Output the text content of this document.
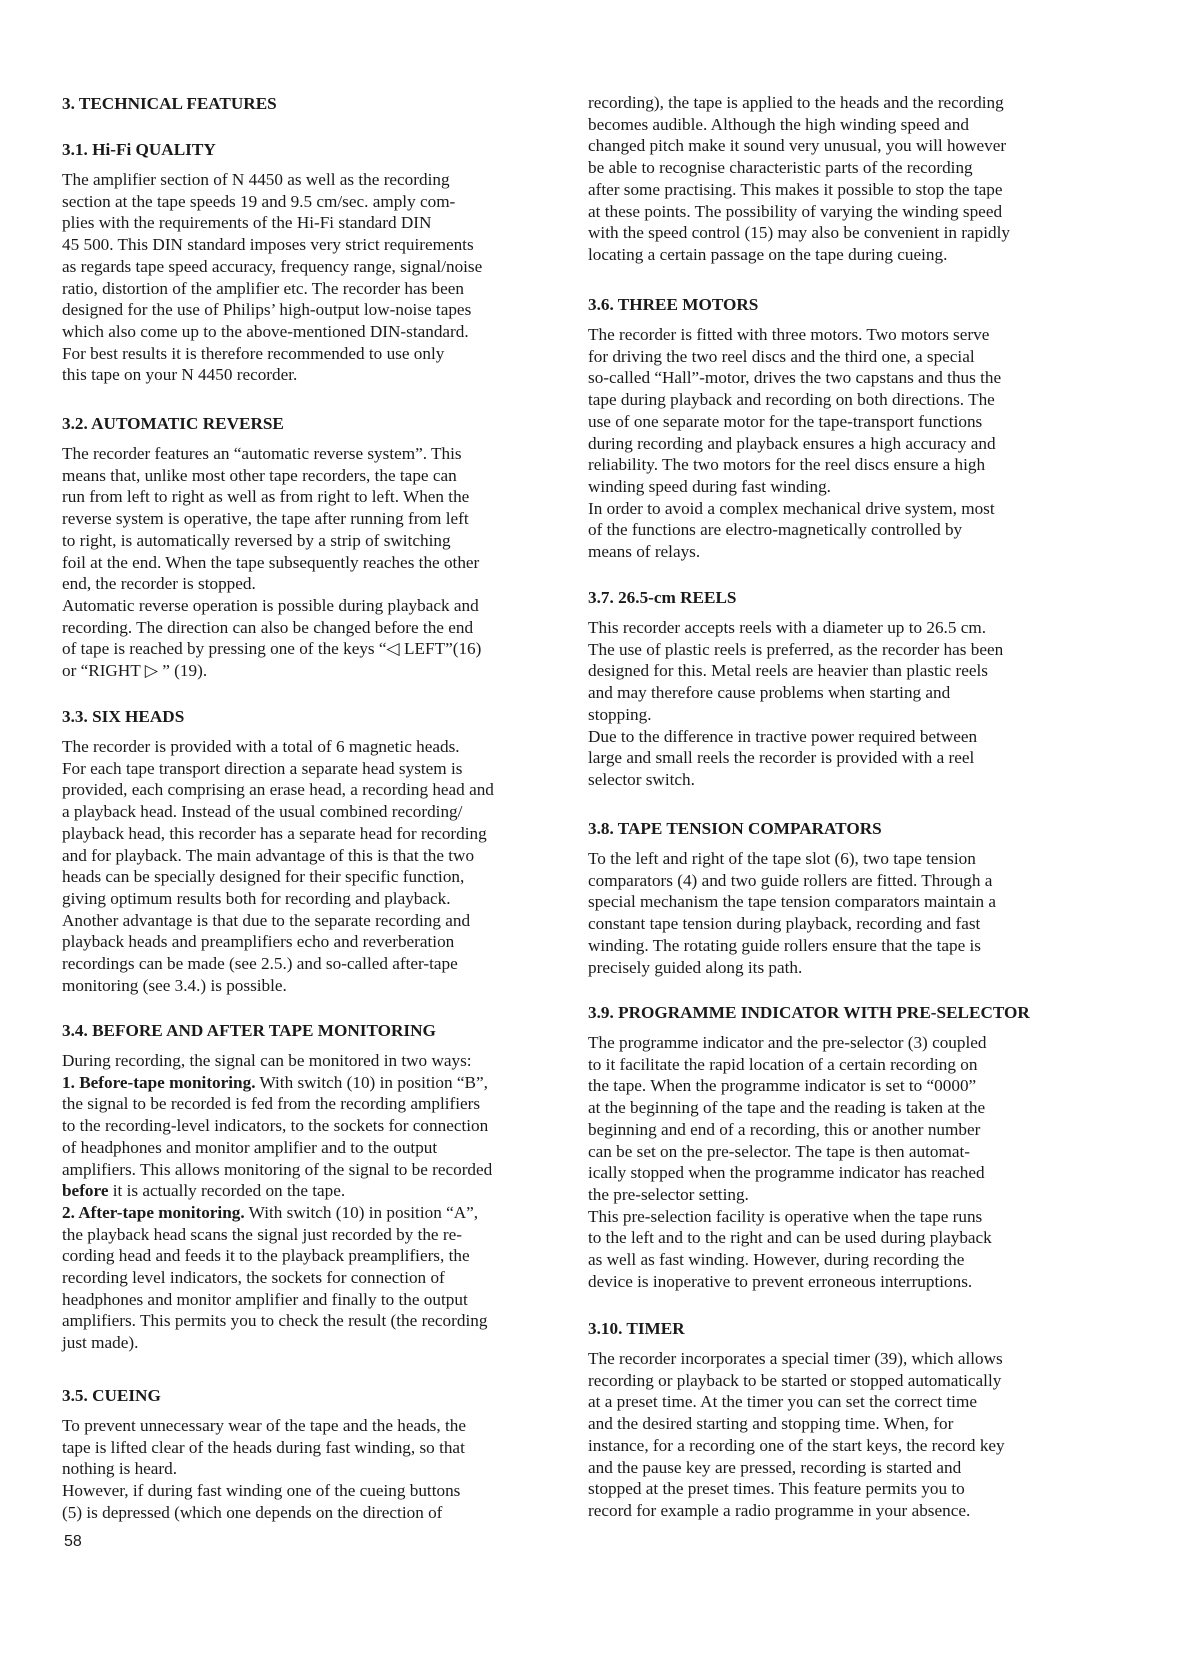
3. TECHNICAL FEATURES
3.1. Hi-Fi QUALITY
The amplifier section of N 4450 as well as the recording
section at the tape speeds 19 and 9.5 cm/sec. amply com-
plies with the requirements of the Hi-Fi standard DIN
45 500. This DIN standard imposes very strict requirements
as regards tape speed accuracy, frequency range, signal/noise
ratio, distortion of the amplifier etc. The recorder has been
designed for the use of Philips’ high-output low-noise tapes
which also come up to the above-mentioned DIN-standard.
For best results it is therefore recommended to use only
this tape on your N 4450 recorder.
3.2. AUTOMATIC REVERSE
The recorder features an “automatic reverse system”. This
means that, unlike most other tape recorders, the tape can
run from left to right as well as from right to left. When the
reverse system is operative, the tape after running from left
to right, is automatically reversed by a strip of switching
foil at the end. When the tape subsequently reaches the other
end, the recorder is stopped.
Automatic reverse operation is possible during playback and
recording. The direction can also be changed before the end
of tape is reached by pressing one of the keys “◁ LEFT”(16)
or “RIGHT ▷ ” (19).
3.3. SIX HEADS
The recorder is provided with a total of 6 magnetic heads.
For each tape transport direction a separate head system is
provided, each comprising an erase head, a recording head and
a playback head. Instead of the usual combined recording/
playback head, this recorder has a separate head for recording
and for playback. The main advantage of this is that the two
heads can be specially designed for their specific function,
giving optimum results both for recording and playback.
Another advantage is that due to the separate recording and
playback heads and preamplifiers echo and reverberation
recordings can be made (see 2.5.) and so-called after-tape
monitoring (see 3.4.) is possible.
3.4. BEFORE AND AFTER TAPE MONITORING
During recording, the signal can be monitored in two ways:
1. Before-tape monitoring. With switch (10) in position “B”,
the signal to be recorded is fed from the recording amplifiers
to the recording-level indicators, to the sockets for connection
of headphones and monitor amplifier and to the output
amplifiers. This allows monitoring of the signal to be recorded
before it is actually recorded on the tape.
2. After-tape monitoring. With switch (10) in position “A”,
the playback head scans the signal just recorded by the re-
cording head and feeds it to the playback preamplifiers, the
recording level indicators, the sockets for connection of
headphones and monitor amplifier and finally to the output
amplifiers. This permits you to check the result (the recording
just made).
3.5. CUEING
To prevent unnecessary wear of the tape and the heads, the
tape is lifted clear of the heads during fast winding, so that
nothing is heard.
However, if during fast winding one of the cueing buttons
(5) is depressed (which one depends on the direction of
recording), the tape is applied to the heads and the recording
becomes audible. Although the high winding speed and
changed pitch make it sound very unusual, you will however
be able to recognise characteristic parts of the recording
after some practising. This makes it possible to stop the tape
at these points. The possibility of varying the winding speed
with the speed control (15) may also be convenient in rapidly
locating a certain passage on the tape during cueing.
3.6. THREE MOTORS
The recorder is fitted with three motors. Two motors serve
for driving the two reel discs and the third one, a special
so-called “Hall”-motor, drives the two capstans and thus the
tape during playback and recording on both directions. The
use of one separate motor for the tape-transport functions
during recording and playback ensures a high accuracy and
reliability. The two motors for the reel discs ensure a high
winding speed during fast winding.
In order to avoid a complex mechanical drive system, most
of the functions are electro-magnetically controlled by
means of relays.
3.7. 26.5-cm REELS
This recorder accepts reels with a diameter up to 26.5 cm.
The use of plastic reels is preferred, as the recorder has been
designed for this. Metal reels are heavier than plastic reels
and may therefore cause problems when starting and
stopping.
Due to the difference in tractive power required between
large and small reels the recorder is provided with a reel
selector switch.
3.8. TAPE TENSION COMPARATORS
To the left and right of the tape slot (6), two tape tension
comparators (4) and two guide rollers are fitted. Through a
special mechanism the tape tension comparators maintain a
constant tape tension during playback, recording and fast
winding. The rotating guide rollers ensure that the tape is
precisely guided along its path.
3.9. PROGRAMME INDICATOR WITH PRE-SELECTOR
The programme indicator and the pre-selector (3) coupled
to it facilitate the rapid location of a certain recording on
the tape. When the programme indicator is set to “0000”
at the beginning of the tape and the reading is taken at the
beginning and end of a recording, this or another number
can be set on the pre-selector. The tape is then automat-
ically stopped when the programme indicator has reached
the pre-selector setting.
This pre-selection facility is operative when the tape runs
to the left and to the right and can be used during playback
as well as fast winding. However, during recording the
device is inoperative to prevent erroneous interruptions.
3.10. TIMER
The recorder incorporates a special timer (39), which allows
recording or playback to be started or stopped automatically
at a preset time. At the timer you can set the correct time
and the desired starting and stopping time. When, for
instance, for a recording one of the start keys, the record key
and the pause key are pressed, recording is started and
stopped at the preset times. This feature permits you to
record for example a radio programme in your absence.
58
